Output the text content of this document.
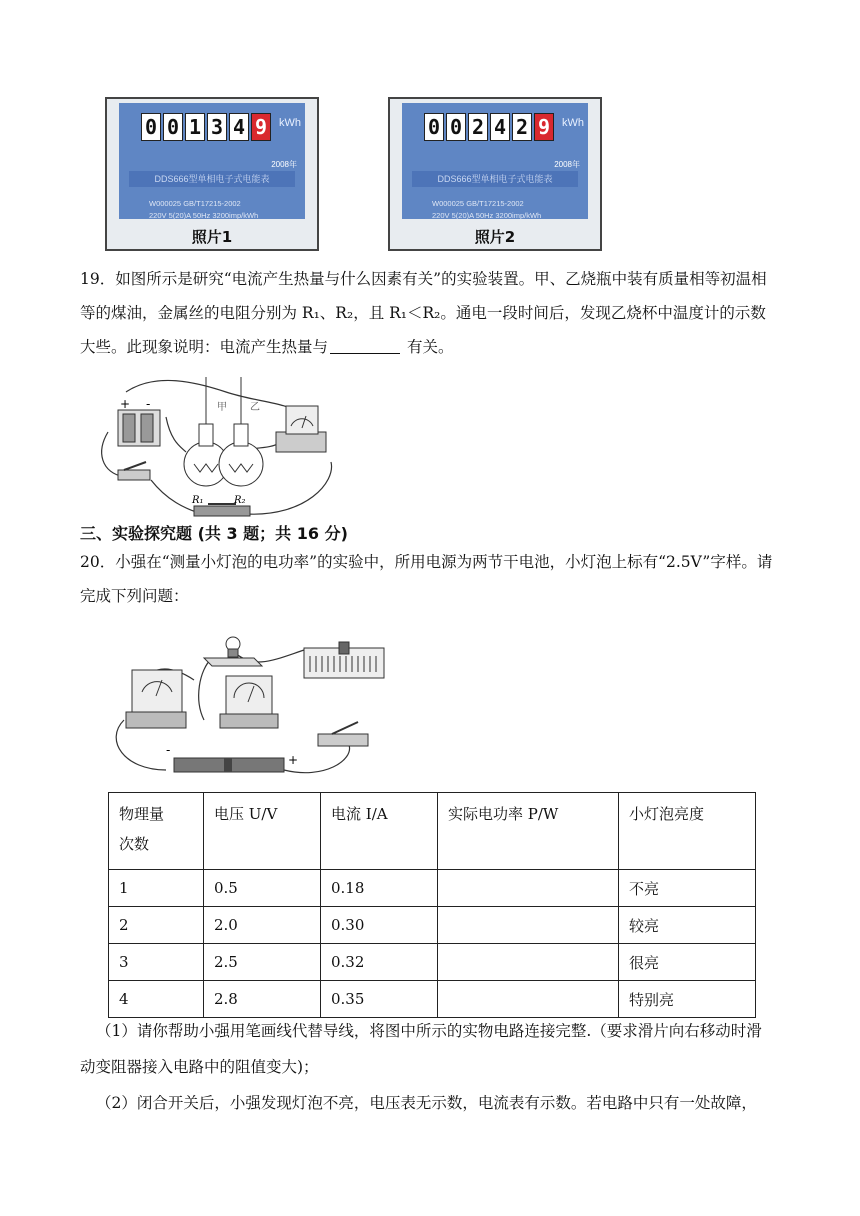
0 0 1 3 4 9	kWh
2008年
DDS666型单相电子式电能表
W000025 GB/T17215-2002
220V 5(20)A 50Hz 3200imp/kWh
照片1
0 0 2 4 2 9	kWh
2008年
DDS666型单相电子式电能表
W000025 GB/T17215-2002
220V 5(20)A 50Hz 3200imp/kWh
照片2
19．如图所示是研究“电流产生热量与什么因素有关”的实验装置。甲、乙烧瓶中装有质量相等初温相
等的煤油，金属丝的电阻分别为 R₁、R₂，且 R₁＜R₂。通电一段时间后，发现乙烧杯中温度计的示数
大些。此现象说明：电流产生热量与	有关。
+ -	甲 乙
R₁	R₂
三、实验探究题 (共 3 题；共 16 分)
20．小强在“测量小灯泡的电功率”的实验中，所用电源为两节干电池，小灯泡上标有“2.5V”字样。请
完成下列问题：
-
+
物理量
次数	电压 U/V	电流 I/A	实际电功率 P/W	小灯泡亮度
1	0.5	0.18		不亮
2	2.0	0.30		较亮
3	2.5	0.32		很亮
4	2.8	0.35		特别亮
（1）请你帮助小强用笔画线代替导线，将图中所示的实物电路连接完整.（要求滑片向右移动时滑
动变阻器接入电路中的阻值变大)；
（2）闭合开关后，小强发现灯泡不亮，电压表无示数，电流表有示数。若电路中只有一处故障，
